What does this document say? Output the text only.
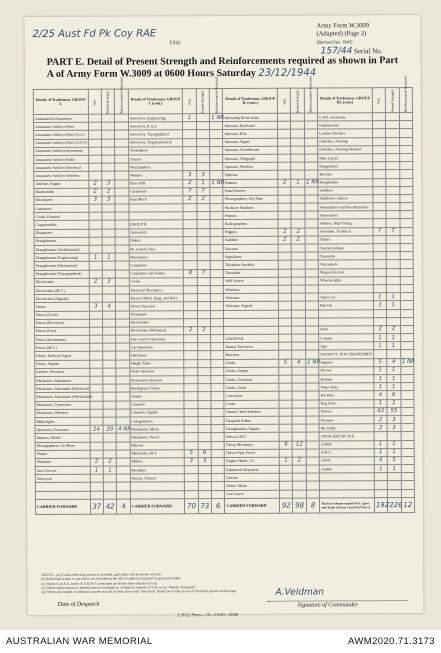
2/25 Aust Fd Pk Coy RAE
Unit
Army Form W.3009
(Adapted) (Page 2)
(Revised Jan. 1943)
157/44 Serial No.
PART E. Detail of Present Strength and Reinforcements required as shown in Part A of Army Form W.3009 at 0600 Hours Saturday 23/12/1944
Details of Tradesmen. GROUP I.	W.E.	Posted Strength.	Reinforcements Required.	Details of Tradesmen. GROUP I. (cont.)	W.E.	Posted Strength.	Reinforcements Required.	Details of Tradesmen. GROUP II. (cont.)	W.E.	Posted Strength.	Reinforcements Required.	Details of Tradesmen. GROUP III. (cont.)	W.E.	Posted Strength.	Reinforcements Required.
Ammunition Examiners				Surveyors, Engineering	1		1 NR	Operating Room Assts.				G.P.O. Assistants			
Armament Artificer Fitter				Surveyors, R.A.S.				Operator, Keyboard				Hammermen			
Armament Artificer Fitter (A.A.)				Surveyors, Topographical				Operator, Kiln				Leather Stitchers			
Armament Artificer Fitter (A.F.V.)				Surveyors, Trigonometrical				Operator, Signal				Orderlies, Nursing			
Armament Artificer Instrument				Toolmakers				Operator, Switchboard				Orderlies, Nursing Medical			
Armament Artificer Radio				Turners				Operator, Telegraph				Plate Layers			
Armament Artificer Electrical				Watchmakers				Operator, Wireless				Rangetakers			
Armament Artificer Wireless				Welders	3	3		Optician				Riveters			
Artificer, Engine	2	3		Fitter MR	2	1	1 NR	Painters	2	1	1 NR	Roughriders			
Blacksmiths	2	2		Carpenters	7	7		Panel Beaters				Saddlers			
Bricklayers	3	3		Supt Mech	2	2		Photographers, Dry Plate				Saddletree makers			
Carpenters								Predictor Numbers				Shoemakers and Boot Repairers			
Cooks, Hospital								Printers				Strawtoners			
Coppersmiths				GROUP II.				Radiographers				Strikers, Ship Fitting			
Dispensers				Armourers				Riggers	2	2		Storemen, Technical	7	7	
Draughtsmen				Bakers				Saddlers	2	2		Tailors			
Draughtsmen (Architectural)				Bt. Comd's Asst.				Sawyers				Textile Refiners			
Draughtsmen (Engineering)	1	1		Bricklayers				Signalmen				Tinsmiths			
Draughtsmen (Mechanical)				Carpenters				Telephone Installer				Vulcanisers			
Draughtsmen (Topographical)				Carpenters and Joiners	8	7		Tinsmiths				Wagon Erectors			
Electricians	2	3		Cooks				Well Borers				Wheelwrights			
Electricians (M.T.)				Electrical Mechanics				Wheelers							
Electricians (Signals)				Electric Mech. (Eng. and Ref.)				Wiremen				Tailor Gd	1	1	
Fitters	3	4		Driver Operator				Wiremen, Signals				Rep Op	1	1	
Fitters (Cycle)				Drummers											
Fitters (Electrical)				Electricians											
Fitters (Gun)				Electricians (Wiremen)	2	2						Wolf	2	2	
Fitters (Instrument)				Fire Control Operators				GROUP III.				Comms	1	1	
Fitters (M.T.)				Gas Operators				Battery Surveyors				Sigs	1	1	
Fitters, Railway Signal				Hatchmen				Butchers				GROUP IV. NON-TRADESMEN			
Fitters, Signals				Height Taker				Clerks	5	4	1 NR	Sappers	5	4	1 NR
Grinder, Precision				Hollo Operator				Clerks, Supply				Pte Gd	1	1	
Mechanics, Instrument				Instrument Operator				Clerks, Technical				Batman	1	1	
Mechanics, Instrument (Electrical)				Intelligence Duties				Clerks, Stock				Water Duty	1	1	
Mechanics, Instrument (Mechanical)				Joiners				Concreters				Pnt Duty	4	6	
Mechanics, Typewriter				Linemen				Cooks				Hyg Duty	1	1	
Mechanics, Wireless				Linemen, Signals				Dental Clerk Orderlies				Drivers	43	55	
Millwrights				Lithographers				Despatch Riders				Pioneers	2	3	
Operators, Excavator	24	20	4 NR	Machinists, Metal				Draughtsmen, Signals				Mc Ordly	2	3	
Painters, Model				Machinists, Wood				Drivers, M.T.				ATTACHED BY W.E.			
Photographers, Air Photo				Masons				Driver Mechanics	8	12		AAMC	1	1	
Platers				Mechanics, M.T.	5	6		Driver Opts, Fixed				AACC	1	1	
Plumbers	2	2		Millers	3	3		Engine Hands, I.C.	1	2		AASC	4	5	
Saw Doctors	1	1		Moulders				Equipment Repairers				AAMC	1	1	
Surveyors				Nurses, Trained				Farriers							
								Fitters' Mates							
								Gas Layers							
CARRIED FORWARD	37	42	4	CARRIED FORWARD	70	73	6	CARRIED FORWARD	92	98	8	Totals of columns marked W.E. agree with Totals of Parts I and III of Part A	192	226	12
NOTES—(a) If rank other than private is included, particulars will be shown on back.
(b) Authorised trades or specialists not included in list will be added as required in spaces provided.
(c) Where A.W.A.S. and/or A.A.M.W.S. personnel are shown these details on back.
(d) Where replacement not desired enter accordingly in column for number of N.R. as not "Reinfts. Required."
(e) Where any request or addition is made on back of form, the words "See Back" should be written in one of the blank spaces on this page.
Date of Despatch
A.Veldman
Signature of Commander
L.H.Q. Press—18—10/43—4500
AUSTRALIAN WAR MEMORIAL	AWM2020.71.3173
